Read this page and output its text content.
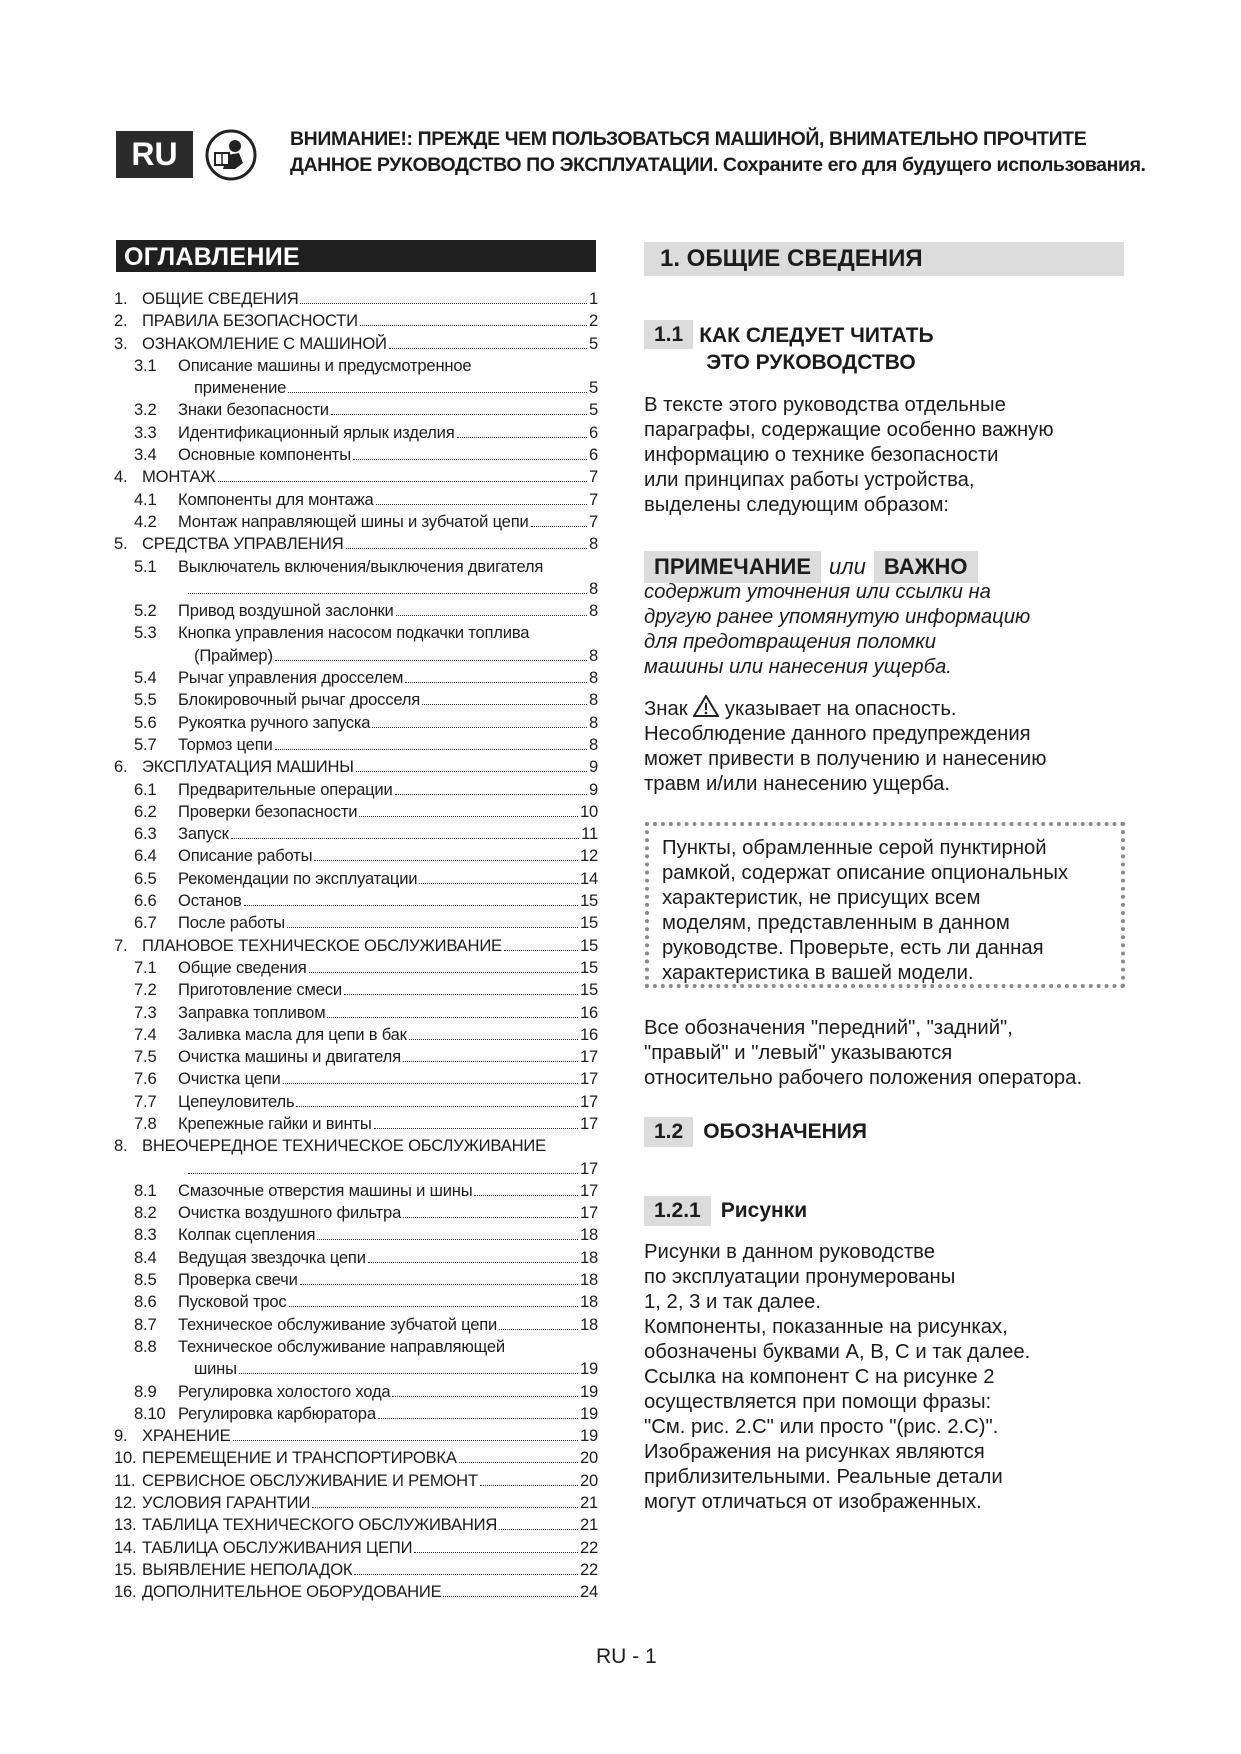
RU	ВНИМАНИЕ!: ПРЕЖДЕ ЧЕМ ПОЛЬЗОВАТЬСЯ МАШИНОЙ, ВНИМАТЕЛЬНО ПРОЧТИТЕ
ДАННОЕ РУКОВОДСТВО ПО ЭКСПЛУАТАЦИИ. Сохраните его для будущего использования.
ОГЛАВЛЕНИЕ
1. ОБЩИЕ СВЕДЕНИЯ	1
2. ПРАВИЛА БЕЗОПАСНОСТИ	2
3. ОЗНАКОМЛЕНИЕ С МАШИНОЙ	5
3.1	Описание машины и предусмотренное
применение	5
3.2	Знаки безопасности	5
3.3	Идентификационный ярлык изделия	6
3.4	Основные компоненты	6
4. МОНТАЖ	7
4.1	Компоненты для монтажа	7
4.2	Монтаж направляющей шины и зубчатой цепи	7
5. СРЕДСТВА УПРАВЛЕНИЯ	8
5.1	Выключатель включения/выключения двигателя
8
5.2	Привод воздушной заслонки	8
5.3	Кнопка управления насосом подкачки топлива
(Праймер)	8
5.4	Рычаг управления дросселем	8
5.5	Блокировочный рычаг дросселя	8
5.6	Рукоятка ручного запуска	8
5.7	Тормоз цепи	8
6. ЭКСПЛУАТАЦИЯ МАШИНЫ	9
6.1	Предварительные операции	9
6.2	Проверки безопасности	10
6.3	Запуск	11
6.4	Описание работы	12
6.5	Рекомендации по эксплуатации	14
6.6	Останов	15
6.7	После работы	15
7. ПЛАНОВОЕ ТЕХНИЧЕСКОЕ ОБСЛУЖИВАНИЕ	15
7.1	Общие сведения	15
7.2	Приготовление смеси	15
7.3	Заправка топливом	16
7.4	Заливка масла для цепи в бак	16
7.5	Очистка машины и двигателя	17
7.6	Очистка цепи	17
7.7	Цепеуловитель	17
7.8	Крепежные гайки и винты	17
8. ВНЕОЧЕРЕДНОЕ ТЕХНИЧЕСКОЕ ОБСЛУЖИВАНИЕ
17
8.1	Смазочные отверстия машины и шины	17
8.2	Очистка воздушного фильтра	17
8.3	Колпак сцепления	18
8.4	Ведущая звездочка цепи	18
8.5	Проверка свечи	18
8.6	Пусковой трос	18
8.7	Техническое обслуживание зубчатой цепи	18
8.8	Техническое обслуживание направляющей
шины	19
8.9	Регулировка холостого хода	19
8.10 Регулировка карбюратора	19
9. ХРАНЕНИЕ	19
10. ПЕРЕМЕЩЕНИЕ И ТРАНСПОРТИРОВКА	20
11. СЕРВИСНОЕ ОБСЛУЖИВАНИЕ И РЕМОНТ	20
12. УСЛОВИЯ ГАРАНТИИ	21
13. ТАБЛИЦА ТЕХНИЧЕСКОГО ОБСЛУЖИВАНИЯ	21
14. ТАБЛИЦА ОБСЛУЖИВАНИЯ ЦЕПИ	22
15. ВЫЯВЛЕНИЕ НЕПОЛАДОК	22
16. ДОПОЛНИТЕЛЬНОЕ ОБОРУДОВАНИЕ	24
1. ОБЩИЕ СВЕДЕНИЯ
1.1 КАК СЛЕДУЕТ ЧИТАТЬ
ЭТО РУКОВОДСТВО
В тексте этого руководства отдельные
параграфы, содержащие особенно важную
информацию о технике безопасности
или принципах работы устройства,
выделены следующим образом:
ПРИМЕЧАНИЕ или ВАЖНО
содержит уточнения или ссылки на
другую ранее упомянутую информацию
для предотвращения поломки
машины или нанесения ущерба.
Знак  указывает на опасность.
Несоблюдение данного предупреждения
может привести в получению и нанесению
травм и/или нанесению ущерба.
Пункты, обрамленные серой пунктирной
рамкой, содержат описание опциональных
характеристик, не присущих всем
моделям, представленным в данном
руководстве. Проверьте, есть ли данная
характеристика в вашей модели.
Все обозначения "передний", "задний",
"правый" и "левый" указываются
относительно рабочего положения оператора.
1.2 ОБОЗНАЧЕНИЯ
1.2.1 Рисунки
Рисунки в данном руководстве
по эксплуатации пронумерованы
1, 2, 3 и так далее.
Компоненты, показанные на рисунках,
обозначены буквами A, B, C и так далее.
Ссылка на компонент C на рисунке 2
осуществляется при помощи фразы:
"См. рис. 2.C" или просто "(рис. 2.C)".
Изображения на рисунках являются
приблизительными. Реальные детали
могут отличаться от изображенных.
RU - 1
